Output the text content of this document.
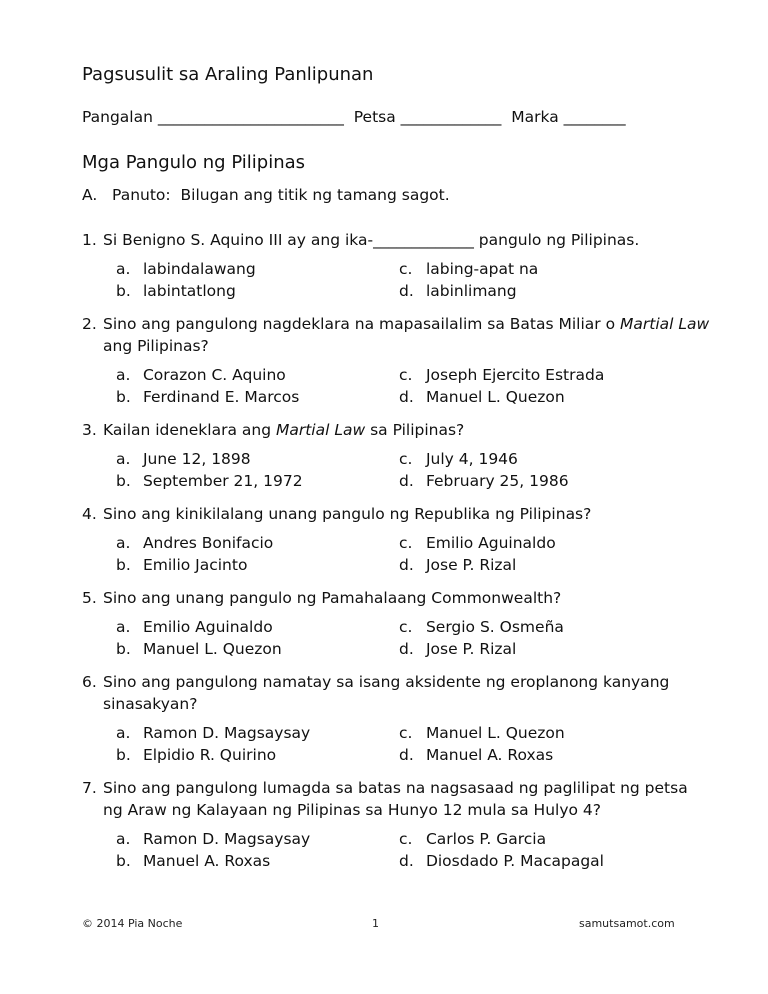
Pagsusulit sa Araling Panlipunan
Pangalan ________________________ Petsa _____________ Marka ________
Mga Pangulo ng Pilipinas
A. Panuto: Bilugan ang titik ng tamang sagot.
1. Si Benigno S. Aquino III ay ang ika-_____________ pangulo ng Pilipinas.
a. labindalawang	c. labing-apat na
b. labintatlong	d. labinlimang
2. Sino ang pangulong nagdeklara na mapasailalim sa Batas Miliar o Martial Law ang Pilipinas?
a. Corazon C. Aquino	c. Joseph Ejercito Estrada
b. Ferdinand E. Marcos	d. Manuel L. Quezon
3. Kailan ideneklara ang Martial Law sa Pilipinas?
a. June 12, 1898	c. July 4, 1946
b. September 21, 1972	d. February 25, 1986
4. Sino ang kinikilalang unang pangulo ng Republika ng Pilipinas?
a. Andres Bonifacio	c. Emilio Aguinaldo
b. Emilio Jacinto	d. Jose P. Rizal
5. Sino ang unang pangulo ng Pamahalaang Commonwealth?
a. Emilio Aguinaldo	c. Sergio S. Osmeña
b. Manuel L. Quezon	d. Jose P. Rizal
6. Sino ang pangulong namatay sa isang aksidente ng eroplanong kanyang sinasakyan?
a. Ramon D. Magsaysay	c. Manuel L. Quezon
b. Elpidio R. Quirino	d. Manuel A. Roxas
7. Sino ang pangulong lumagda sa batas na nagsasaad ng paglilipat ng petsa ng Araw ng Kalayaan ng Pilipinas sa Hunyo 12 mula sa Hulyo 4?
a. Ramon D. Magsaysay	c. Carlos P. Garcia
b. Manuel A. Roxas	d. Diosdado P. Macapagal
© 2014 Pia Noche	1	samutsamot.com
